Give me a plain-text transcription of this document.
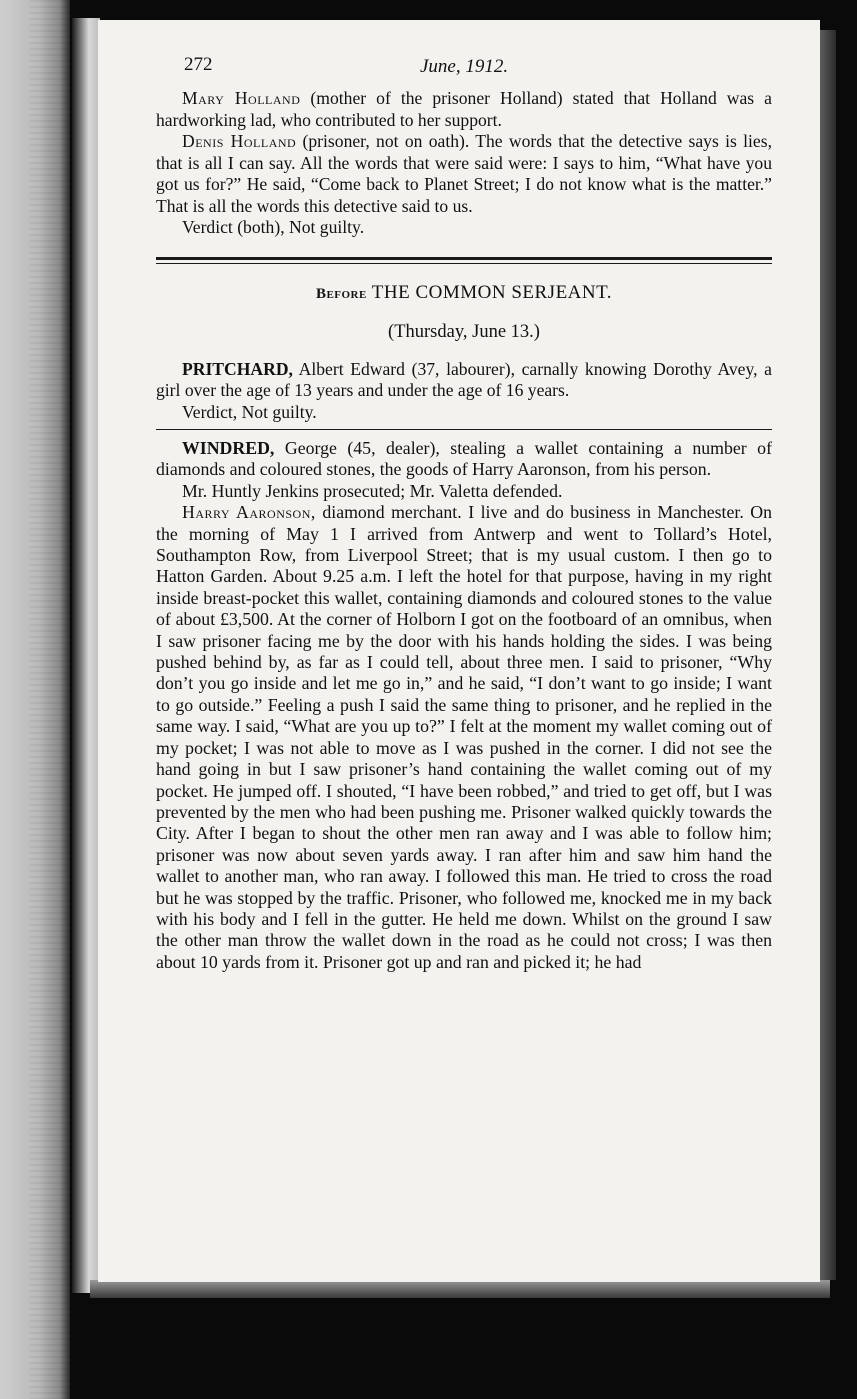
272	June, 1912.

Mary Holland (mother of the prisoner Holland) stated that Holland was a hardworking lad, who contributed to her support.

Denis Holland (prisoner, not on oath). The words that the detective says is lies, that is all I can say. All the words that were said were: I says to him, “What have you got us for?” He said, “Come back to Planet Street; I do not know what is the matter.” That is all the words this detective said to us.

Verdict (both), Not guilty.

Before THE COMMON SERJEANT.
(Thursday, June 13.)

PRITCHARD, Albert Edward (37, labourer), carnally knowing Dorothy Avey, a girl over the age of 13 years and under the age of 16 years.

Verdict, Not guilty.

WINDRED, George (45, dealer), stealing a wallet containing a number of diamonds and coloured stones, the goods of Harry Aaronson, from his person.

Mr. Huntly Jenkins prosecuted; Mr. Valetta defended.

Harry Aaronson, diamond merchant. I live and do business in Manchester. On the morning of May 1 I arrived from Antwerp and went to Tollard’s Hotel, Southampton Row, from Liverpool Street; that is my usual custom. I then go to Hatton Garden. About 9.25 a.m. I left the hotel for that purpose, having in my right inside breast-pocket this wallet, containing diamonds and coloured stones to the value of about £3,500. At the corner of Holborn I got on the footboard of an omnibus, when I saw prisoner facing me by the door with his hands holding the sides. I was being pushed behind by, as far as I could tell, about three men. I said to prisoner, “Why don’t you go inside and let me go in,” and he said, “I don’t want to go inside; I want to go outside.” Feeling a push I said the same thing to prisoner, and he replied in the same way. I said, “What are you up to?” I felt at the moment my wallet coming out of my pocket; I was not able to move as I was pushed in the corner. I did not see the hand going in but I saw prisoner’s hand containing the wallet coming out of my pocket. He jumped off. I shouted, “I have been robbed,” and tried to get off, but I was prevented by the men who had been pushing me. Prisoner walked quickly towards the City. After I began to shout the other men ran away and I was able to follow him; prisoner was now about seven yards away. I ran after him and saw him hand the wallet to another man, who ran away. I followed this man. He tried to cross the road but he was stopped by the traffic. Prisoner, who followed me, knocked me in my back with his body and I fell in the gutter. He held me down. Whilst on the ground I saw the other man throw the wallet down in the road as he could not cross; I was then about 10 yards from it. Prisoner got up and ran and picked it; he had
